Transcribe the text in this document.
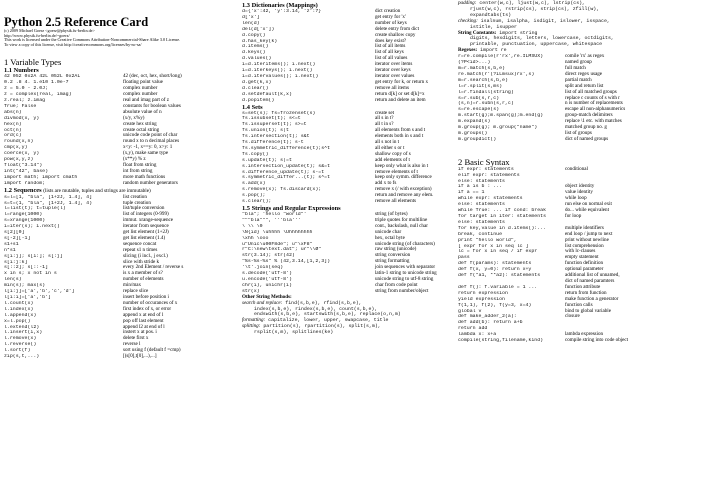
Python 2.5 Reference Card
(c) 2009 Michael Goerz <goerz@physik.fu-berlin.de>
http://www.physik.fu-berlin.de/~goerz/
This work is licensed under the Creative Commons Attribution-Noncommercial-Share Alike 3.0 License.
To view a copy of this license, visit http://creativecommons.org/licenses/by-nc-sa/
1 Variable Types
1.1 Numbers
42 052 0x2A 42L 052L 0x2AL	42 (dec, oct, hex, short/long)
0.2 .8 4. 1.e10 1.0e-7	floating point value
z = 5.0 - 2.0J;	complex number
z = complex(real, imag)	complex number
z.real; z.imag	real and imag part of z
True; False	constants for boolean values
abs(n)	absolute value of n
divmod(x, y)	(x/y, x%y)
hex(n)	create hex string
oct(n)	create octal string
ord(c)	unicode code point of char
round(x,n)	round x to n decimal places
cmp(x,y)	x<y: -1, x==y: 0, x>y: 1
coerce(x, y)	(x,y), make same type
pow(x,y,z)	(x**y) % z
float("3.14")	float from string
int("42", base)	int from string
import math; import cmath	more math functions
import random;	random number generators
1.2 Sequences (lists are mutable, tuples and strings are immutable)
s=l=[1, "bla", [1+2J, 1.4], 4]	list creation
s=t=(1, "bla", [1+2J, 1.4], 4)	tuple creation
l=list(t); t=tuple(l)	list/tuple conversion
l=range(1000)	list of integers (0-999)
s=xrange(1000)	immut. xrange-sequence
i=iter(s); i.next()	iterator from sequence
s[2][0]	get list element (1+2J)
s[-2][-1]	get list element (1.4)
s1+s1	sequence concat
n*s1	repeat s1 n times
s[i:j]; s[i:]; s[:j]	slicing (i incl., j excl.)
s[i:j:k]	slice with stride k
s[::2]; s[::-1]	every 2nd Element / reverse s
x in s; x not in s	is x a member of s?
len(s)	number of elements
min(s); max(s)	min/max
l[i:j]=['a','b','c','d']	replace slice
l[i:i]=['a','b']	insert before position i
l.count(x)	number of occurances of x
l.index(x)	first index of x, or error
l.append(x)	append x at end of l
x=l.pop()	pop off last element
l.extend(l2)	append l2 at end of l
l.insert(i,x)	instert x at pos. i
l.remove(x)	delete first x
l.reverse()	reverse l
l.sort(f)	sort using f (default f =cmp)
zip(s,t,...)	[(s[0],t[0],...),...]
1.3 Dictionaries (Mappings)
d={'x':42, 'y':3.14, 'z':7}	dict creation
d['x']	get entry for 'x'
len(d)	number of keys
del(d['x'])	delete entry from dict
d.copy()	create shallow copy
d.has_key(k)	does key exist?
d.items()	list of all items
d.keys()	list of all keys
d.values()	list of all values
i=d.iteritems(); i.next()	iterator over items
i=d.iterkeys(); i.next()	iterator over keys
i=d.itervalues(); i.next()	iterator over values
d.get(k,x)	get entry for k, or return x
d.clear()	remove all items
d.setdefault(k,x)	return d[k] or set d[k]=x
d.popitem()	return and delete an item
1.4 Sets
s=set(s); fs=frozenset(s)	create set
fs.issubset(t); s<=t	all s in t?
fs.issuperset(t); s>=t	all t in s?
fs.union(t); s|t	all elements from s and t
fs.intersection(t); s&t	elements both in s and t
fs.difference(t); s-t	all s not in t
fs.symmetric_difference(t);s^t	all either s or t
fs.copy()	shallow copy of s
s.update(t); s|=t	add elements of t
s.intersection_update(t); s&=t	keep only what is also in t
s.difference_update(t); s-=t	remove elements of t
s.symmetric_differ...(t); s^=t	keep only symm. difference
s.add(x)	add x to fs
s.remove(x); fs.discard(x);	remove x (/ with exception)
s.pop();	return and remove any elem.
s.clear();	remove all elements
1.5 Strings and Regular Expressions
"bla"; 'hello "world"'	string (of bytes)
"""bla""", '''bla'''	triple quotes for multiline
\ \\ \0	cont., backslash, null char
\N{id} \uhhhh \Uhhhhhhhh	unicode char
\xhh \ooo	hex, octal byte
u"Unic\u00F8de"; u"\xF8"	unicode string (of characters)
r"C:\new\text.dat"; ur"\\Ø"	raw string (unicode)
str(3.14); str(42)	string conversion
"%s-%s-%s" % (42,3.14,[1,2,3])	string formatting
'\t'.join(seq)	join sequences with separator
s.decode('utf-8')	latin-1 string to unicode string
u.encode('utf-8')	unicode string to utf-8 string
chr(i), unichr(i)	char from code point
str(x)	string from number/object
Other String Methods:
search and replace: find(s,b,e), rfind(s,b,e),
index(s,b,e), rindex(s,b,e), count(s,b,e),
endswith(s,b,e), startswith(s,b,e), replace(o,n,m)
formatting: capitalize, lower, upper, swapcase, title
splitting: partition(s), rpartition(s), split(s,m),
rsplit(s,m), splitlines(ke)
padding: center(w,c), ljust(w,c), lstrip(cs),
rjust(w,c), rstrip(cs), strip(cs), zfill(w),
expandtabs(ts)
checking: isalnum, isalpha, isdigit, islower, isspace,
istitle, isupper
String Constants: import string
digits, hexdigits, letters, lowercase, octdigits,
printable, punctuation, uppercase, whitespace
Regexes: import re
r=re.compile(r'rx',re.ILMSUX)	comile 'rx' as regex
(?P<id>...)	named group
m=r.match(s,b,e)	full match
re.match(r'(?iLmsux)rx',s)	direct regex usage
m=r.search(s,b,e)	partial match
l=r.split(s,ms)	split and return list
l=r.findall(string)	list of all matched groups
s=r.sub(s,r,c)	replace c counts of s with r
(s,n)=r.subn(s,r,c)	n is number of replacements
s=re.escape(s)	escape all non-alphanumerics
m.start(g);m.span(g);m.end(g)	group-match delimiters
m.expand(s)	replace \1 etc. with matches
m.group(g); m.group("name")	matched group no. g
m.groups()	list of groups
m.groupdict()	dict of named groups
2 Basic Syntax
if expr: statements	conditional
elif expr: statements
else: statements
if a is b : ...	object identity
if a == 1	value identity
while expr: statements	while loop
else: statements	run else on normal exit
while True: ... if cond: break	do... while equivalent
for target in iter: statements	for loop
else: statements
for key,value in d.items():...	multiple identifiers
break, continue	end loop / jump to next
print "hello world",	print without newline
[ expr for x in seq lc ]	list comprehension
lc = for x in seq / if expr	with lc-clauses
pass	empty statement
def f(params): statements	function definition
def f(x, y=0): return x+y	optional parameter
def f(*a1, **a2): statements	additional list of unnamed,
dict of named paramters
def f(): f.variable = 1 ...	function attribute
return expression	return from function
yield expression	make function a generator
f(1,1), f(2), f(y=3, x=4)	function calls
global v	bind to global variable
def make_adder_2(a):	closure
def add(b): return a+b
return add
lambda x: x+a	lambda expression
compile(string,filename,kind)	compile string into code object
